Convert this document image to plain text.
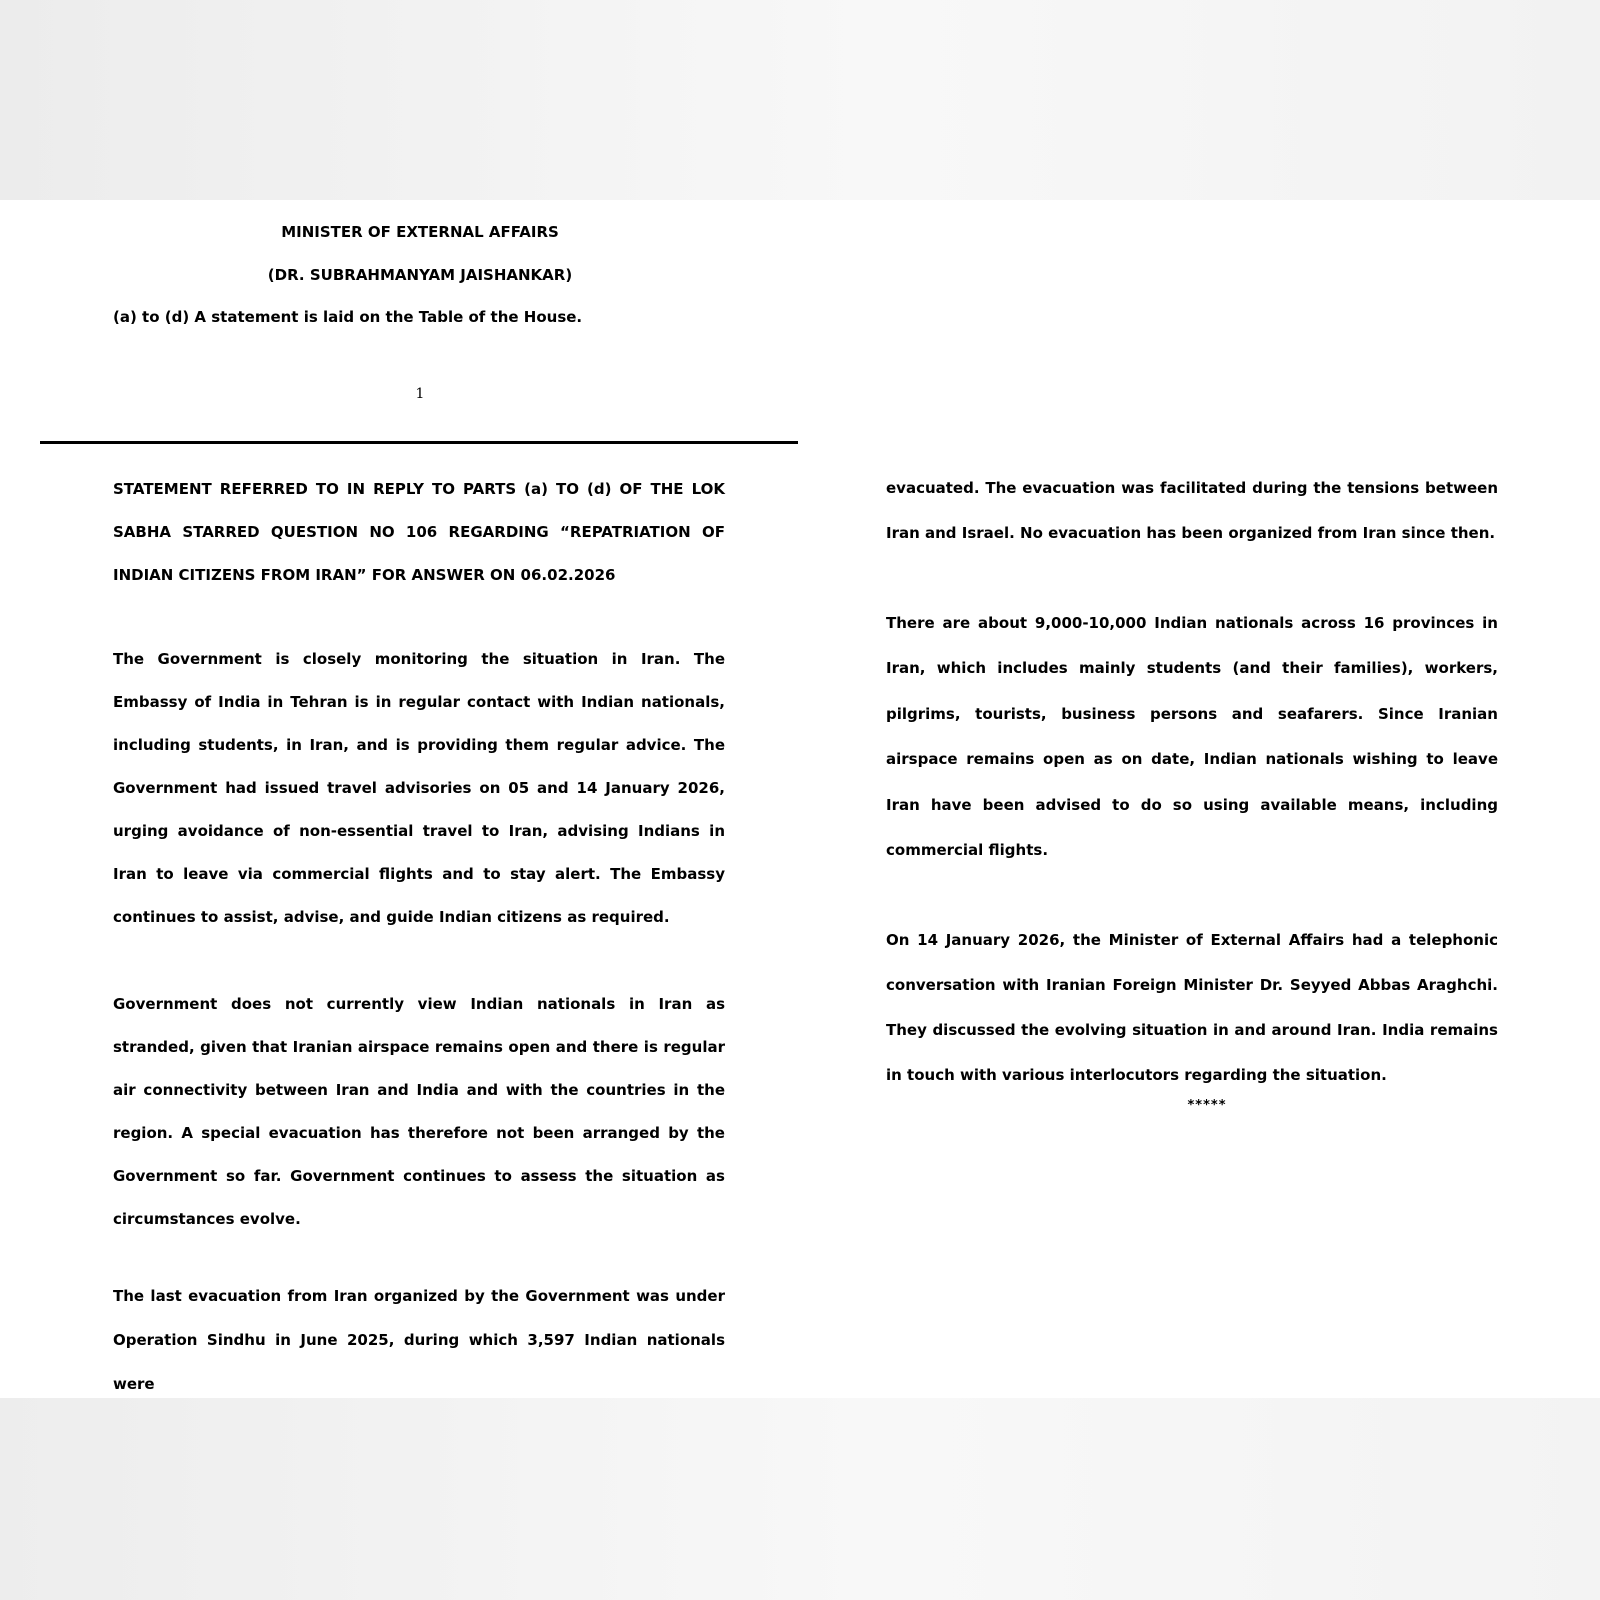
MINISTER OF EXTERNAL AFFAIRS
(DR. SUBRAHMANYAM JAISHANKAR)
(a) to (d) A statement is laid on the Table of the House.
1

STATEMENT REFERRED TO IN REPLY TO PARTS (a) TO (d) OF THE LOK SABHA STARRED QUESTION NO 106 REGARDING “REPATRIATION OF INDIAN CITIZENS FROM IRAN” FOR ANSWER ON 06.02.2026

The Government is closely monitoring the situation in Iran. The Embassy of India in Tehran is in regular contact with Indian nationals, including students, in Iran, and is providing them regular advice. The Government had issued travel advisories on 05 and 14 January 2026, urging avoidance of non-essential travel to Iran, advising Indians in Iran to leave via commercial flights and to stay alert. The Embassy continues to assist, advise, and guide Indian citizens as required.

Government does not currently view Indian nationals in Iran as stranded, given that Iranian airspace remains open and there is regular air connectivity between Iran and India and with the countries in the region. A special evacuation has therefore not been arranged by the Government so far. Government continues to assess the situation as circumstances evolve.

The last evacuation from Iran organized by the Government was under Operation Sindhu in June 2025, during which 3,597 Indian nationals were

evacuated. The evacuation was facilitated during the tensions between Iran and Israel. No evacuation has been organized from Iran since then.

There are about 9,000-10,000 Indian nationals across 16 provinces in Iran, which includes mainly students (and their families), workers, pilgrims, tourists, business persons and seafarers. Since Iranian airspace remains open as on date, Indian nationals wishing to leave Iran have been advised to do so using available means, including commercial flights.

On 14 January 2026, the Minister of External Affairs had a telephonic conversation with Iranian Foreign Minister Dr. Seyyed Abbas Araghchi. They discussed the evolving situation in and around Iran. India remains in touch with various interlocutors regarding the situation.

*****
